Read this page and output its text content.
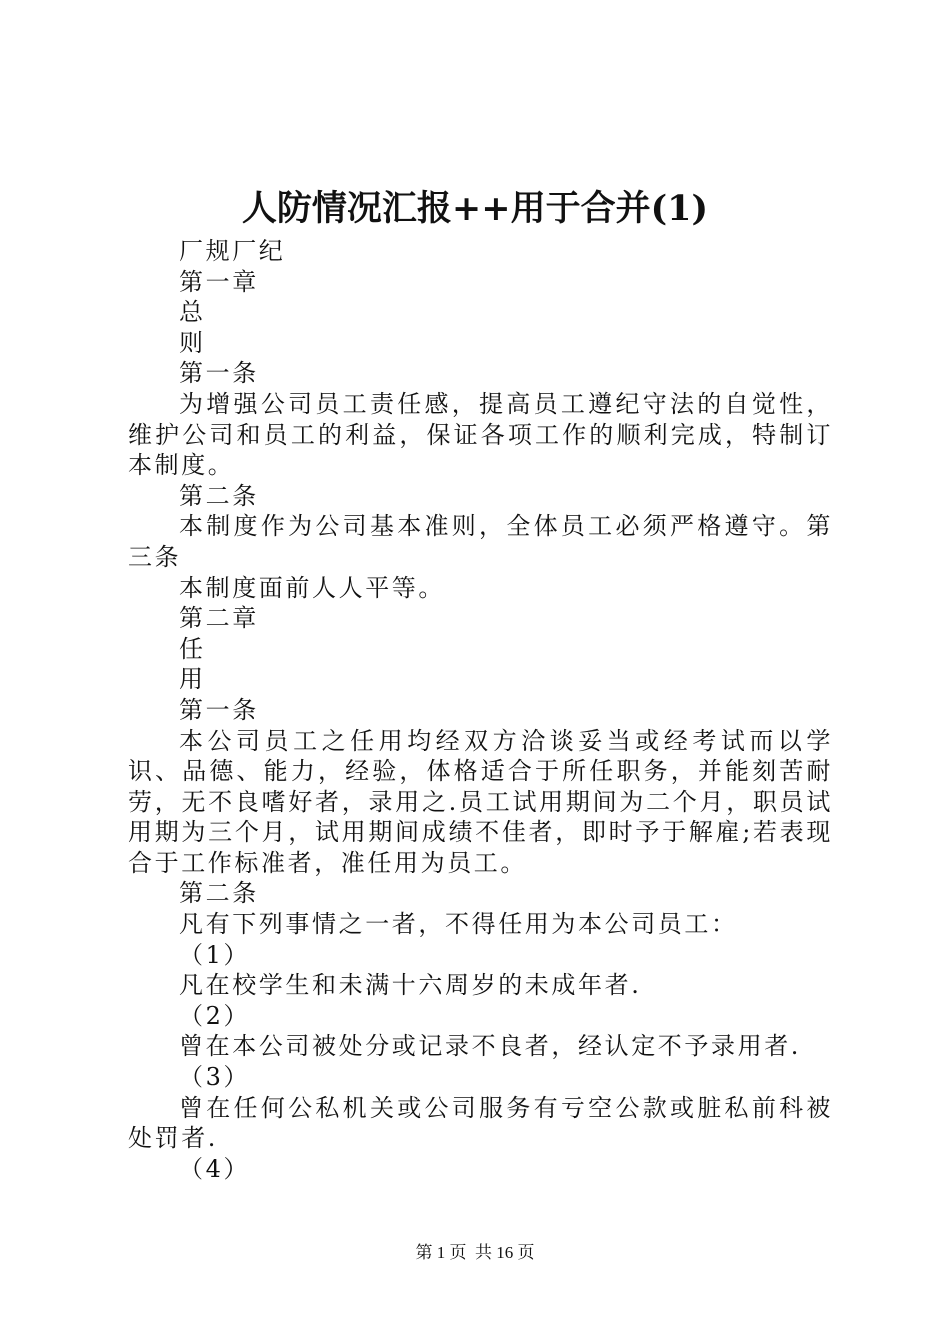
人防情况汇报++用于合并(1)

厂规厂纪

第一章

总

则

第一条

为增强公司员工责任感，提高员工遵纪守法的自觉性，维护公司和员工的利益，保证各项工作的顺利完成，特制订本制度。

第二条

本制度作为公司基本准则，全体员工必须严格遵守。第三条

本制度面前人人平等。

第二章

任

用

第一条

本公司员工之任用均经双方洽谈妥当或经考试而以学识、品德、能力，经验，体格适合于所任职务，并能刻苦耐劳，无不良嗜好者，录用之.员工试用期间为二个月，职员试用期为三个月，试用期间成绩不佳者，即时予于解雇;若表现合于工作标准者，准任用为员工。

第二条

凡有下列事情之一者，不得任用为本公司员工：

（1）

凡在校学生和未满十六周岁的未成年者.

（2）

曾在本公司被处分或记录不良者，经认定不予录用者.

（3）

曾在任何公私机关或公司服务有亏空公款或脏私前科被处罚者.

（4）

第 1 页  共 16 页
